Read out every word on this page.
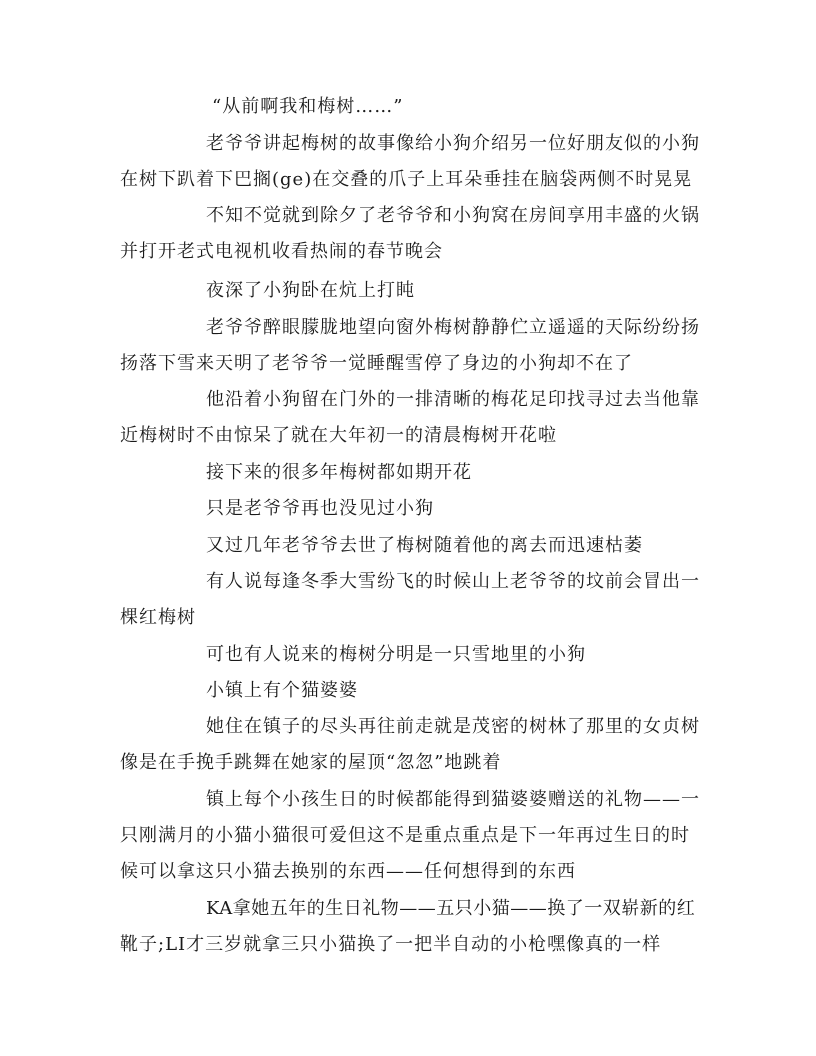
“从前啊我和梅树……”
老爷爷讲起梅树的故事像给小狗介绍另一位好朋友似的小狗
在树下趴着下巴搁(ge)在交叠的爪子上耳朵垂挂在脑袋两侧不时晃晃
不知不觉就到除夕了老爷爷和小狗窝在房间享用丰盛的火锅
并打开老式电视机收看热闹的春节晚会
夜深了小狗卧在炕上打盹
老爷爷醉眼朦胧地望向窗外梅树静静伫立遥遥的天际纷纷扬
扬落下雪来天明了老爷爷一觉睡醒雪停了身边的小狗却不在了
他沿着小狗留在门外的一排清晰的梅花足印找寻过去当他靠
近梅树时不由惊呆了就在大年初一的清晨梅树开花啦
接下来的很多年梅树都如期开花
只是老爷爷再也没见过小狗
又过几年老爷爷去世了梅树随着他的离去而迅速枯萎
有人说每逢冬季大雪纷飞的时候山上老爷爷的坟前会冒出一
棵红梅树
可也有人说来的梅树分明是一只雪地里的小狗
小镇上有个猫婆婆
她住在镇子的尽头再往前走就是茂密的树林了那里的女贞树
像是在手挽手跳舞在她家的屋顶“忽忽”地跳着
镇上每个小孩生日的时候都能得到猫婆婆赠送的礼物——一
只刚满月的小猫小猫很可爱但这不是重点重点是下一年再过生日的时
候可以拿这只小猫去换别的东西——任何想得到的东西
KA拿她五年的生日礼物——五只小猫——换了一双崭新的红
靴子;LI才三岁就拿三只小猫换了一把半自动的小枪嘿像真的一样
